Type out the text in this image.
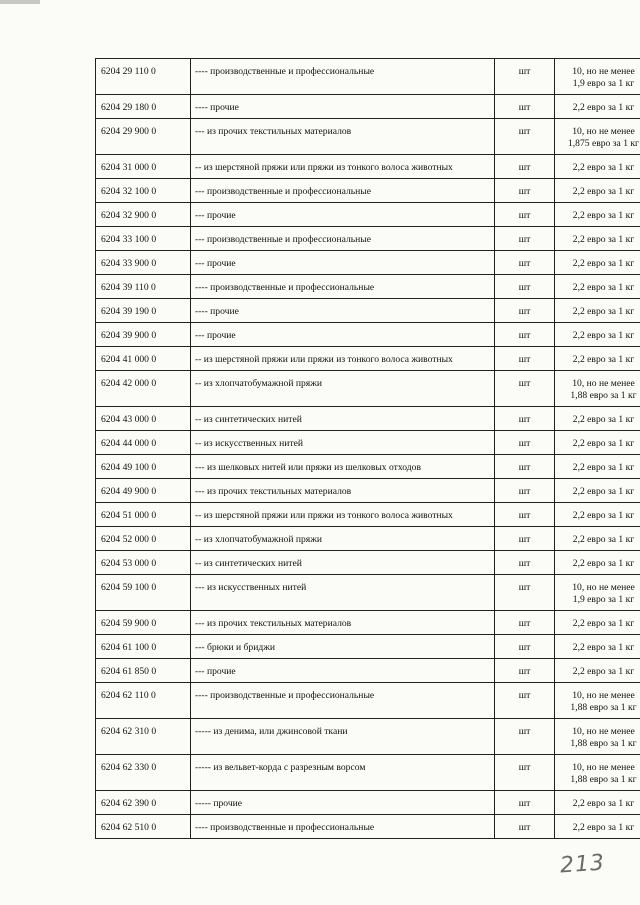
6204 29 110 0	---- производственные и профессиональные	шт	10, но не менее
1,9 евро за 1 кг

6204 29 180 0	---- прочие	шт	2,2 евро за 1 кг

6204 29 900 0	--- из прочих текстильных материалов	шт	10, но не менее
1,875 евро за 1 кг

6204 31 000 0	-- из шерстяной пряжи или пряжи из тонкого волоса животных	шт	2,2 евро за 1 кг

6204 32 100 0	--- производственные и профессиональные	шт	2,2 евро за 1 кг

6204 32 900 0	--- прочие	шт	2,2 евро за 1 кг

6204 33 100 0	--- производственные и профессиональные	шт	2,2 евро за 1 кг

6204 33 900 0	--- прочие	шт	2,2 евро за 1 кг

6204 39 110 0	---- производственные и профессиональные	шт	2,2 евро за 1 кг

6204 39 190 0	---- прочие	шт	2,2 евро за 1 кг

6204 39 900 0	--- прочие	шт	2,2 евро за 1 кг

6204 41 000 0	-- из шерстяной пряжи или пряжи из тонкого волоса животных	шт	2,2 евро за 1 кг

6204 42 000 0	-- из хлопчатобумажной пряжи	шт	10, но не менее
1,88 евро за 1 кг

6204 43 000 0	-- из синтетических нитей	шт	2,2 евро за 1 кг

6204 44 000 0	-- из искусственных нитей	шт	2,2 евро за 1 кг

6204 49 100 0	--- из шелковых нитей или пряжи из шелковых отходов	шт	2,2 евро за 1 кг

6204 49 900 0	--- из прочих текстильных материалов	шт	2,2 евро за 1 кг

6204 51 000 0	-- из шерстяной пряжи или пряжи из тонкого волоса животных	шт	2,2 евро за 1 кг

6204 52 000 0	-- из хлопчатобумажной пряжи	шт	2,2 евро за 1 кг

6204 53 000 0	-- из синтетических нитей	шт	2,2 евро за 1 кг

6204 59 100 0	--- из искусственных нитей	шт	10, но не менее
1,9 евро за 1 кг

6204 59 900 0	--- из прочих текстильных материалов	шт	2,2 евро за 1 кг

6204 61 100 0	--- брюки и бриджи	шт	2,2 евро за 1 кг

6204 61 850 0	--- прочие	шт	2,2 евро за 1 кг

6204 62 110 0	---- производственные и профессиональные	шт	10, но не менее
1,88 евро за 1 кг

6204 62 310 0	----- из денима, или джинсовой ткани	шт	10, но не менее
1,88 евро за 1 кг

6204 62 330 0	----- из вельвет-корда с разрезным ворсом	шт	10, но не менее
1,88 евро за 1 кг

6204 62 390 0	----- прочие	шт	2,2 евро за 1 кг

6204 62 510 0	---- производственные и профессиональные	шт	2,2 евро за 1 кг
213
